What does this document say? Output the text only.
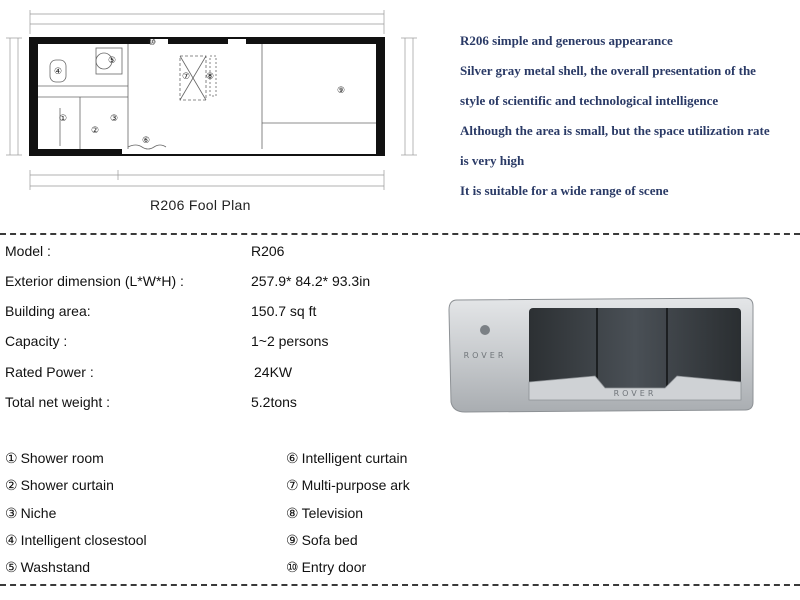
①
②
③
④
⑤
⑥
⑦ ⑧
⑨
⑩
R206 Fool Plan
R206 simple and generous appearance
Silver gray metal shell, the overall presentation of the
style of scientific and technological intelligence
Although the area is small, but the space utilization rate
is very high
It is suitable for a wide range of scene
Model :	R206
Exterior dimension (L*W*H) :	257.9* 84.2* 93.3in
Building area:	150.7 sq ft
Capacity :	1~2 persons
Rated Power :	24KW
Total net weight :	5.2tons
ROVER
ROVER
① Shower room
② Shower curtain
③ Niche
④ Intelligent closestool
⑤ Washstand
⑥ Intelligent curtain
⑦ Multi-purpose ark
⑧ Television
⑨ Sofa bed
⑩ Entry door
